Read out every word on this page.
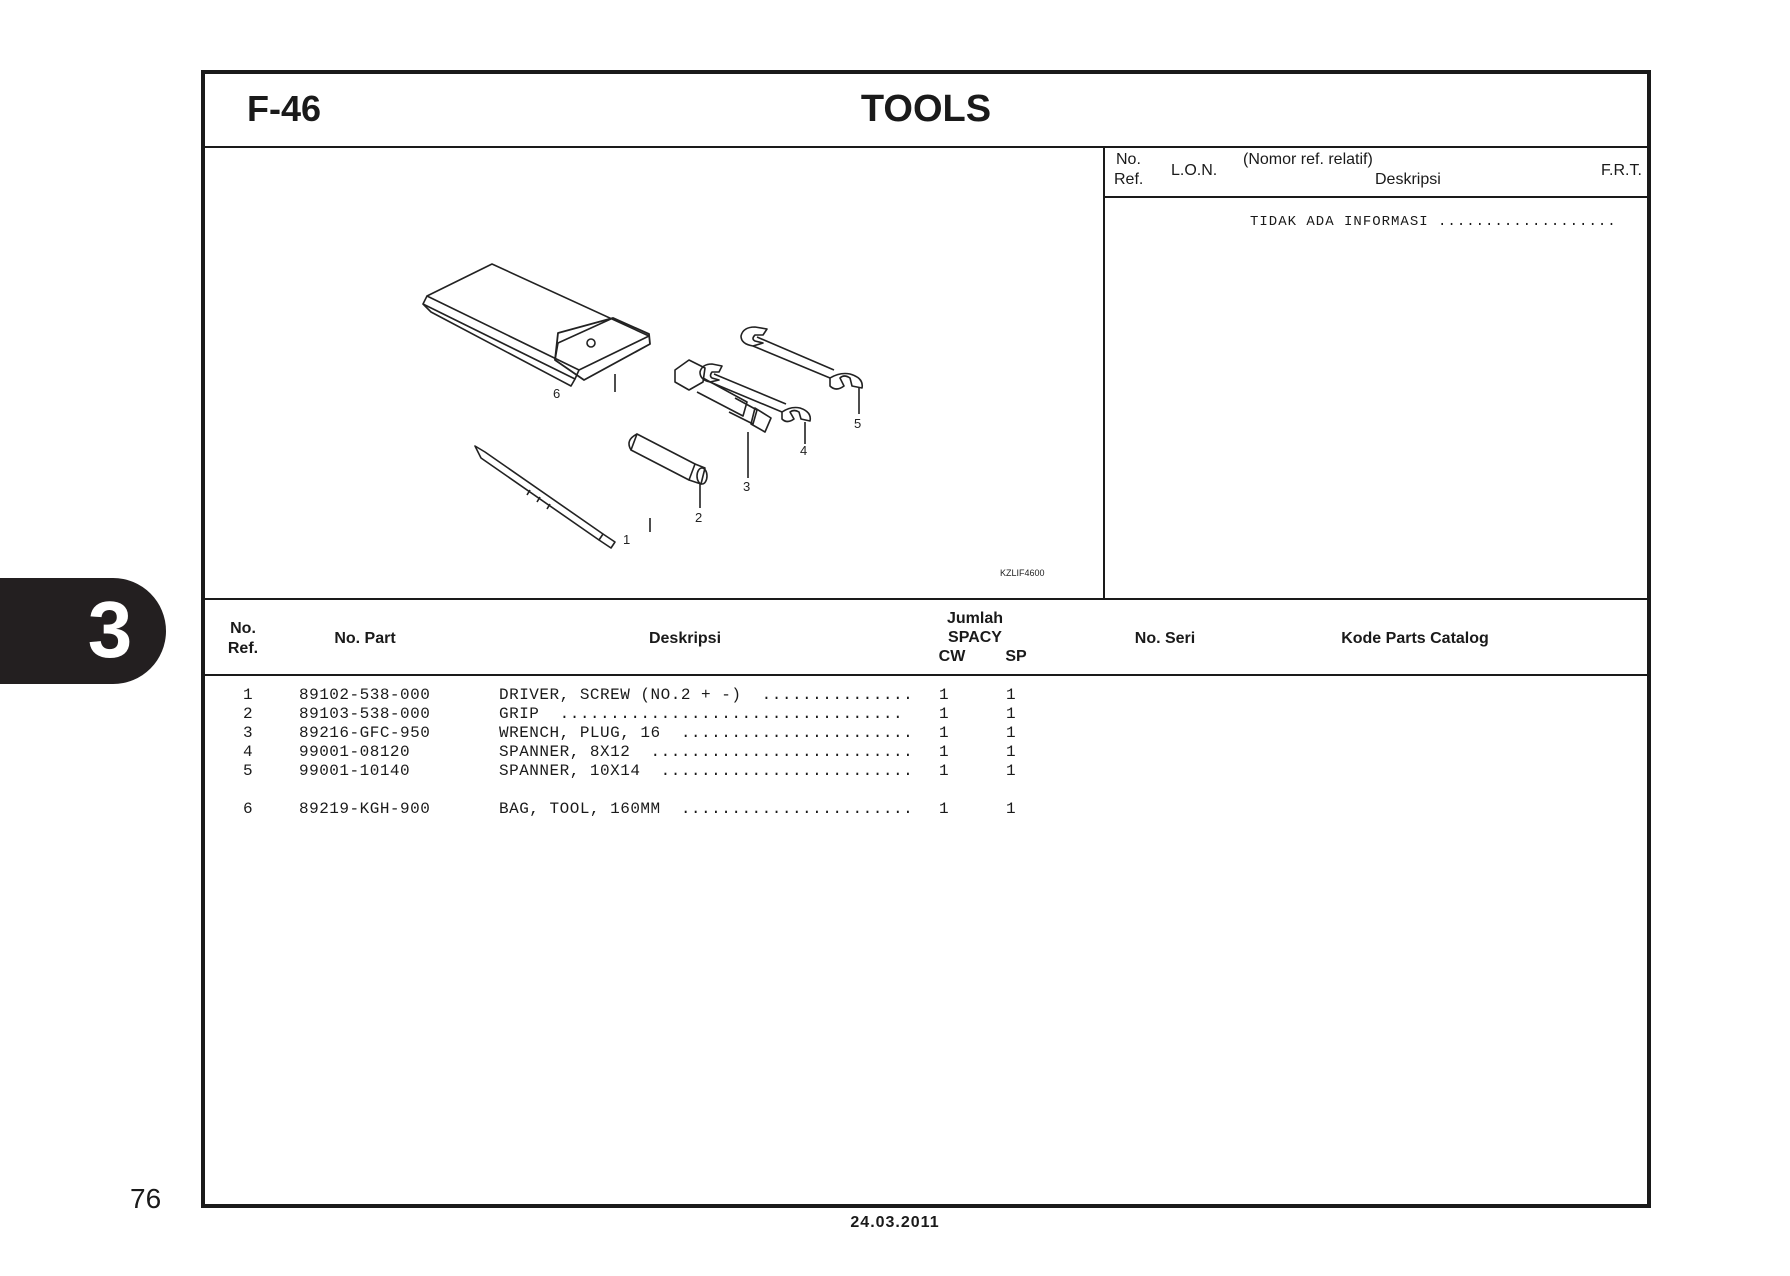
3
F-46	TOOLS
6
5
4
3
2
1
KZLIF4600
No.
Ref.
L.O.N.
(Nomor ref. relatif)
Deskripsi
F.R.T.
TIDAK ADA INFORMASI ...................
No.
Ref.
No. Part	Deskripsi
Jumlah
SPACY
CW	SP
No. Seri	Kode Parts Catalog
1	89102-538-000	DRIVER, SCREW (NO.2 + -)  ............... 1	1
2	89103-538-000	GRIP  .................................. 1	1
3	89216-GFC-950	WRENCH, PLUG, 16  ....................... 1	1
4	99001-08120	SPANNER, 8X12  .......................... 1	1
5	99001-10140	SPANNER, 10X14  ......................... 1	1
6	89219-KGH-900	BAG, TOOL, 160MM  ....................... 1	1
76
24.03.2011
